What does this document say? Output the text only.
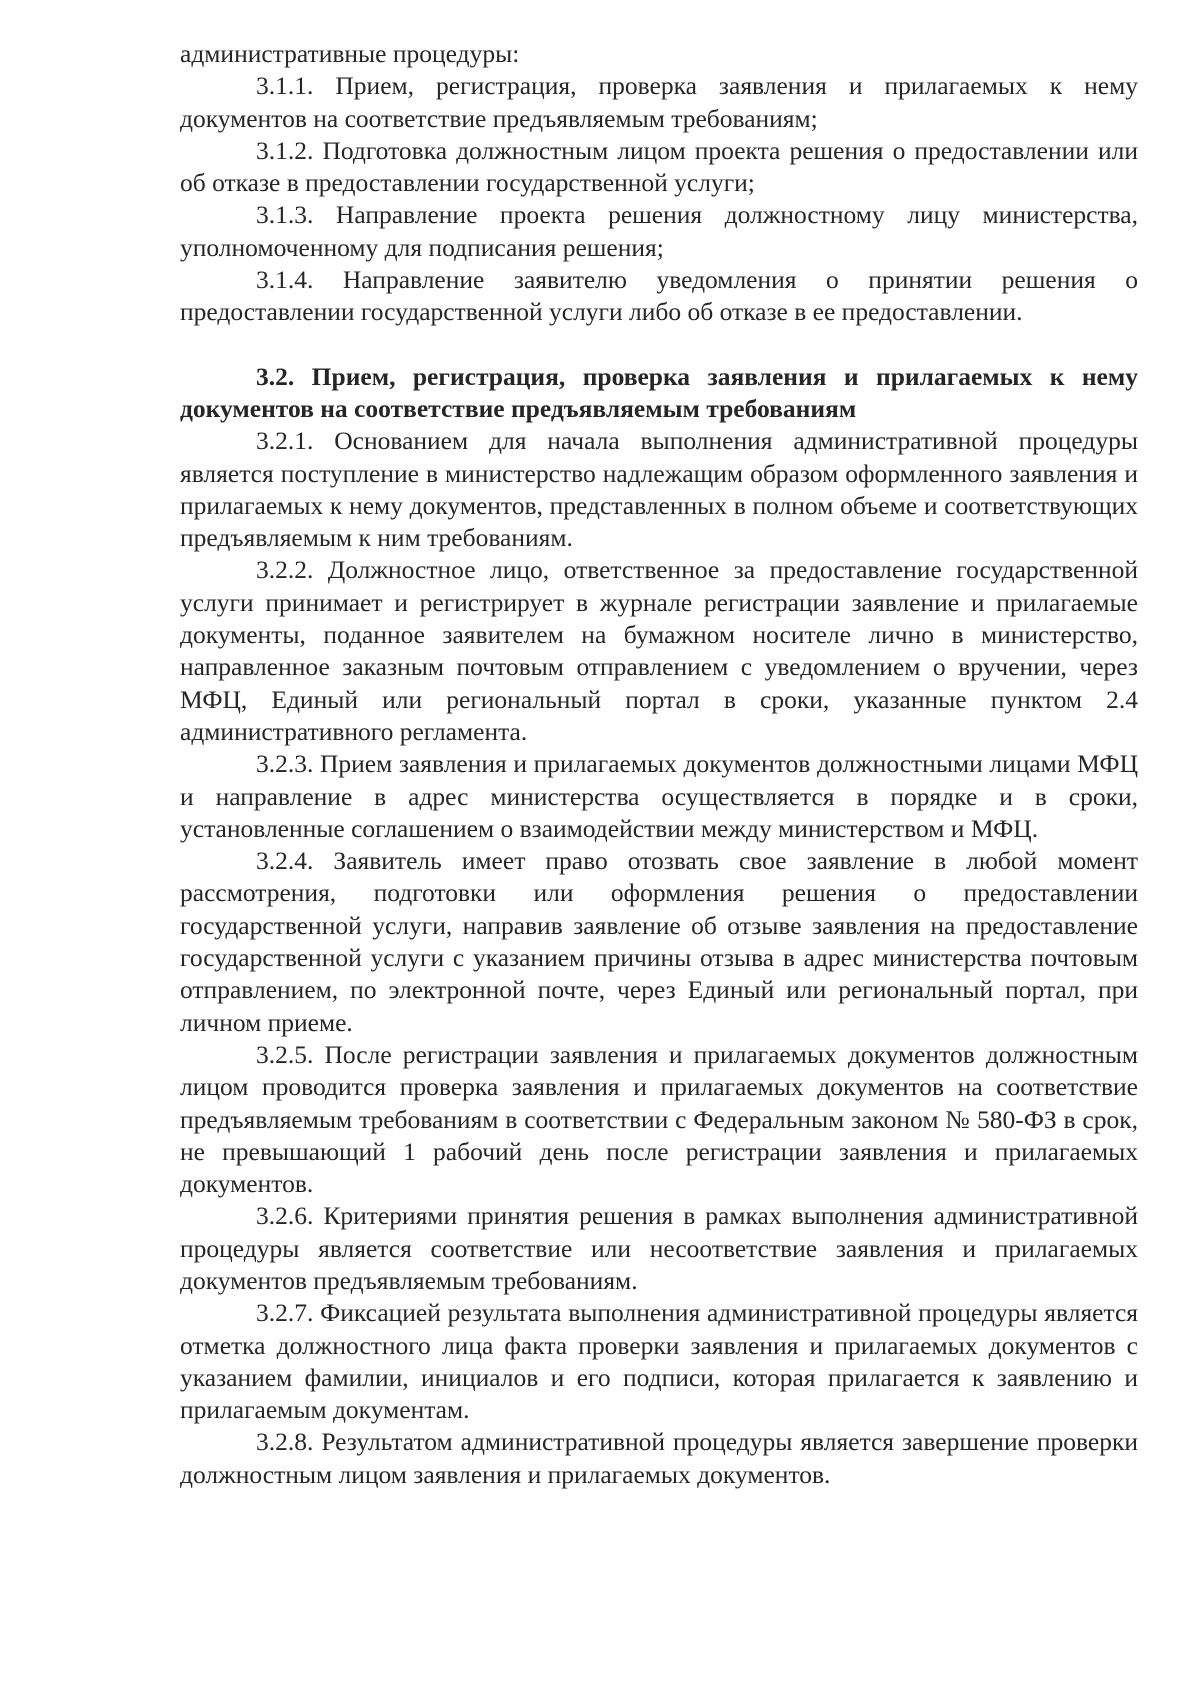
административные процедуры:

3.1.1. Прием, регистрация, проверка заявления и прилагаемых к нему документов на соответствие предъявляемым требованиям;

3.1.2. Подготовка должностным лицом проекта решения о предоставлении или об отказе в предоставлении государственной услуги;

3.1.3. Направление проекта решения должностному лицу министерства, уполномоченному для подписания решения;

3.1.4. Направление заявителю уведомления о принятии решения о предоставлении государственной услуги либо об отказе в ее предоставлении.

3.2. Прием, регистрация, проверка заявления и прилагаемых к нему документов на соответствие предъявляемым требованиям

3.2.1. Основанием для начала выполнения административной процедуры является поступление в министерство надлежащим образом оформленного заявления и прилагаемых к нему документов, представленных в полном объеме и соответствующих предъявляемым к ним требованиям.

3.2.2. Должностное лицо, ответственное за предоставление государственной услуги принимает и регистрирует в журнале регистрации заявление и прилагаемые документы, поданное заявителем на бумажном носителе лично в министерство, направленное заказным почтовым отправлением с уведомлением о вручении, через МФЦ, Единый или региональный портал в сроки, указанные пунктом 2.4 административного регламента.

3.2.3. Прием заявления и прилагаемых документов должностными лицами МФЦ и направление в адрес министерства осуществляется в порядке и в сроки, установленные соглашением о взаимодействии между министерством и МФЦ.

3.2.4. Заявитель имеет право отозвать свое заявление в любой момент рассмотрения, подготовки или оформления решения о предоставлении государственной услуги, направив заявление об отзыве заявления на предоставление государственной услуги с указанием причины отзыва в адрес министерства почтовым отправлением, по электронной почте, через Единый или региональный портал, при личном приеме.

3.2.5. После регистрации заявления и прилагаемых документов должностным лицом проводится проверка заявления и прилагаемых документов на соответствие предъявляемым требованиям в соответствии с Федеральным законом № 580-ФЗ в срок, не превышающий 1 рабочий день после регистрации заявления и прилагаемых документов.

3.2.6. Критериями принятия решения в рамках выполнения административной процедуры является соответствие или несоответствие заявления и прилагаемых документов предъявляемым требованиям.

3.2.7. Фиксацией результата выполнения административной процедуры является отметка должностного лица факта проверки заявления и прилагаемых документов с указанием фамилии, инициалов и его подписи, которая прилагается к заявлению и прилагаемым документам.

3.2.8. Результатом административной процедуры является завершение проверки должностным лицом заявления и прилагаемых документов.
